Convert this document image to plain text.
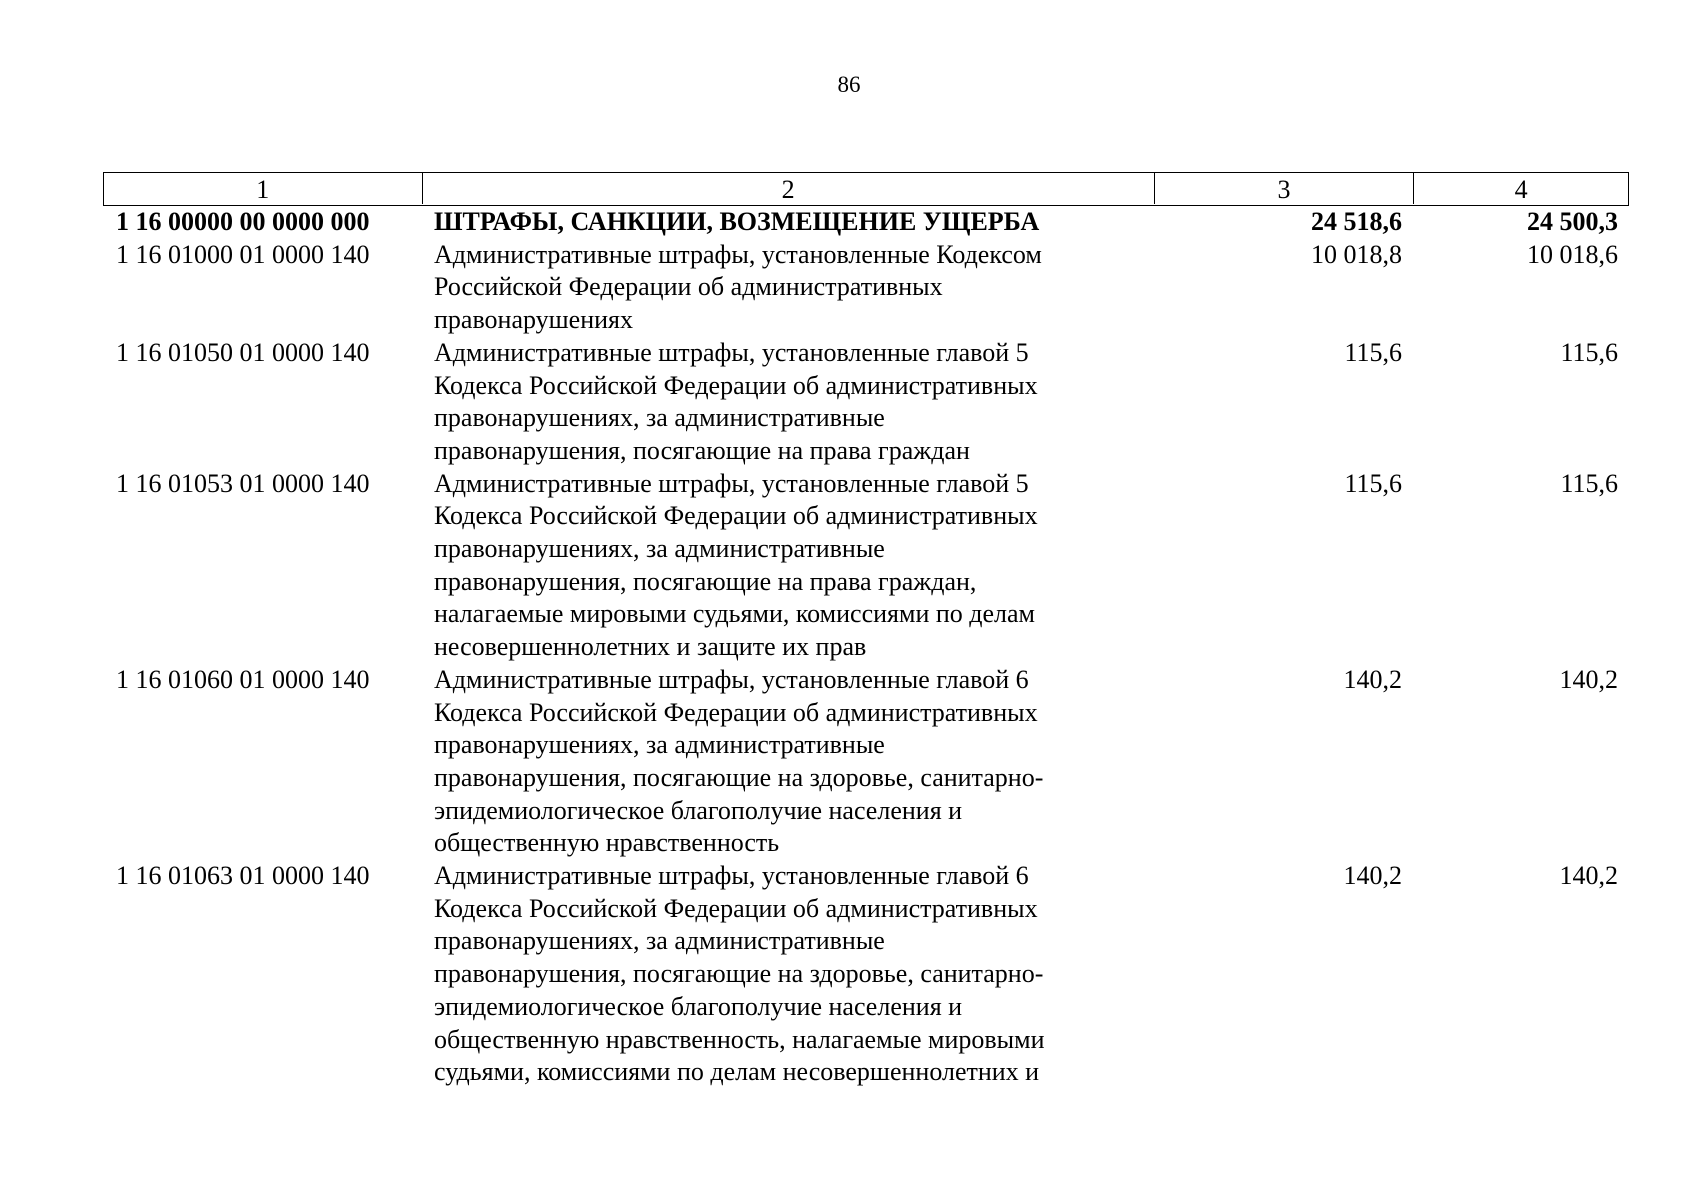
86
1	2	3	4
1 16 00000 00 0000 000	ШТРАФЫ, САНКЦИИ, ВОЗМЕЩЕНИЕ УЩЕРБА	24 518,6	24 500,3
1 16 01000 01 0000 140	Административные штрафы, установленные Кодексом
Российской Федерации об административных
правонарушениях
10 018,8	10 018,6
1 16 01050 01 0000 140	Административные штрафы, установленные главой 5
Кодекса Российской Федерации об административных
правонарушениях, за административные
правонарушения, посягающие на права граждан
115,6	115,6
1 16 01053 01 0000 140	Административные штрафы, установленные главой 5
Кодекса Российской Федерации об административных
правонарушениях, за административные
правонарушения, посягающие на права граждан,
налагаемые мировыми судьями, комиссиями по делам
несовершеннолетних и защите их прав
115,6	115,6
1 16 01060 01 0000 140	Административные штрафы, установленные главой 6
Кодекса Российской Федерации об административных
правонарушениях, за административные
правонарушения, посягающие на здоровье, санитарно-
эпидемиологическое благополучие населения и
общественную нравственность
140,2	140,2
1 16 01063 01 0000 140	Административные штрафы, установленные главой 6
Кодекса Российской Федерации об административных
правонарушениях, за административные
правонарушения, посягающие на здоровье, санитарно-
эпидемиологическое благополучие населения и
общественную нравственность, налагаемые мировыми
судьями, комиссиями по делам несовершеннолетних и
140,2	140,2
